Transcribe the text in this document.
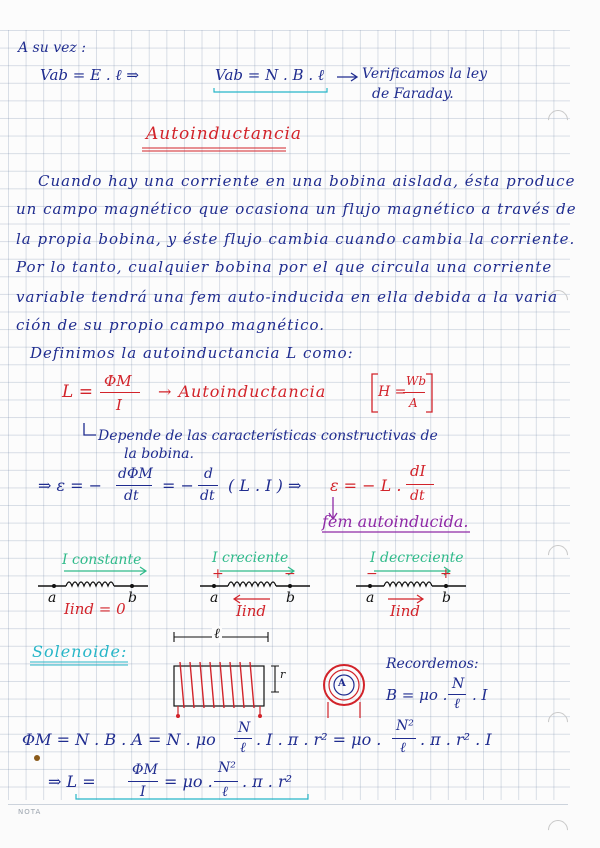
NOTA
A su vez :
Vab = E . ℓ ⇒	Vab = N . B . ℓ	Verificamos la ley
de Faraday.
Autoinductancia
Cuando hay una corriente en una bobina aislada, ésta produce
un campo magnético que ocasiona un flujo magnético a través de
la propia bobina, y éste flujo cambia cuando cambia la corriente.
Por lo tanto, cualquier bobina por el que circula una corriente
variable tendrá una fem auto-inducida en ella debida a la varia
ción de su propio campo magnético.
Definimos la autoinductancia L como:
L =
ΦM
I
→ Autoinductancia	H =
Wb
A
Depende de las características constructivas de
la bobina.
⇒ ε = −
dΦM
dt
= −
d
dt
( L . I ) ⇒ ε = − L .
dI
dt
fem autoinducida.
I constante	I creciente	I decreciente
a	b
Iind = 0
+	−
a	b
Iind
−	+
a	b
Iind
Solenoide:
ℓ
r
A
Recordemos:
B = μo .
N
ℓ . I
ΦM = N . B . A = N . μo
N
ℓ . I . π . r² = μo .
N²
ℓ . π . r² . I
⇒ L =
ΦM
I
= μo .
N²
ℓ
. π . r²
